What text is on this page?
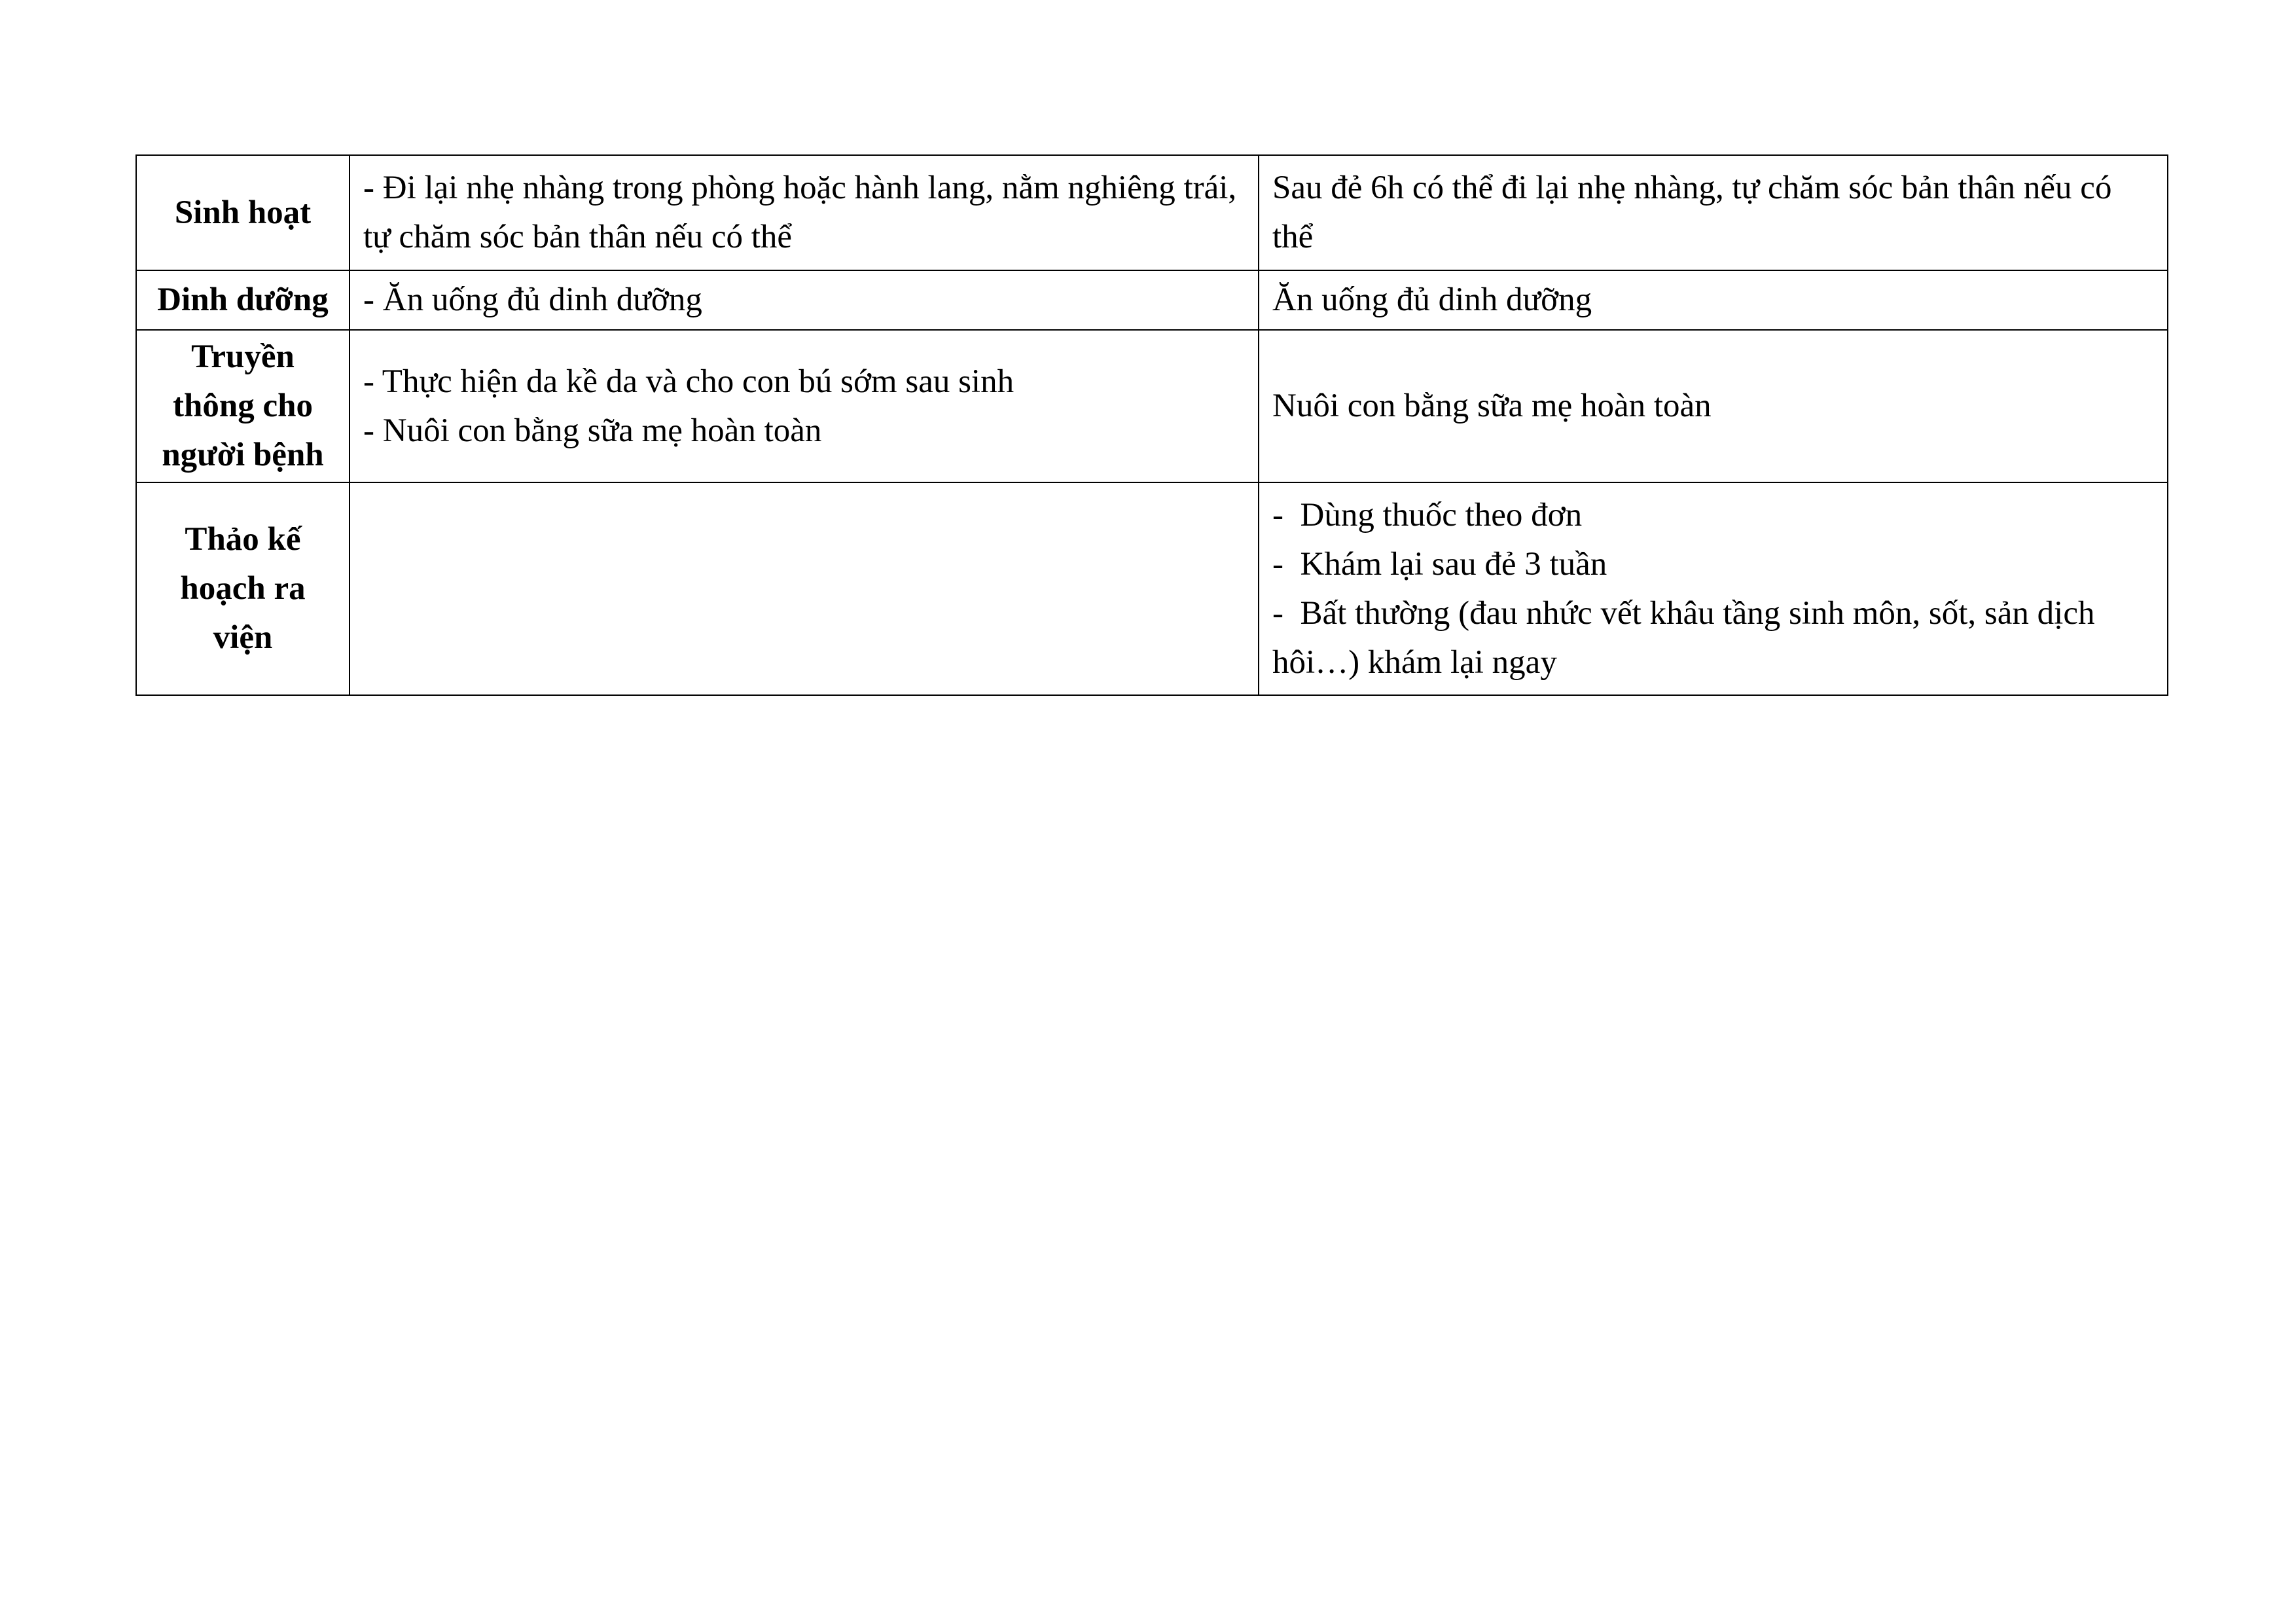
Sinh hoạt	- Đi lại nhẹ nhàng trong phòng hoặc hành lang, nằm nghiêng trái, tự chăm sóc bản thân nếu có thể	Sau đẻ 6h có thể đi lại nhẹ nhàng, tự chăm sóc bản thân nếu có thể

Dinh dưỡng	- Ăn uống đủ dinh dưỡng	Ăn uống đủ dinh dưỡng

Truyền thông cho người bệnh	- Thực hiện da kề da và cho con bú sớm sau sinh
- Nuôi con bằng sữa mẹ hoàn toàn	Nuôi con bằng sữa mẹ hoàn toàn

Thảo kế hoạch ra viện		-  Dùng thuốc theo đơn
-  Khám lại sau đẻ 3 tuần
-  Bất thường (đau nhức vết khâu tầng sinh môn, sốt, sản dịch hôi…) khám lại ngay
